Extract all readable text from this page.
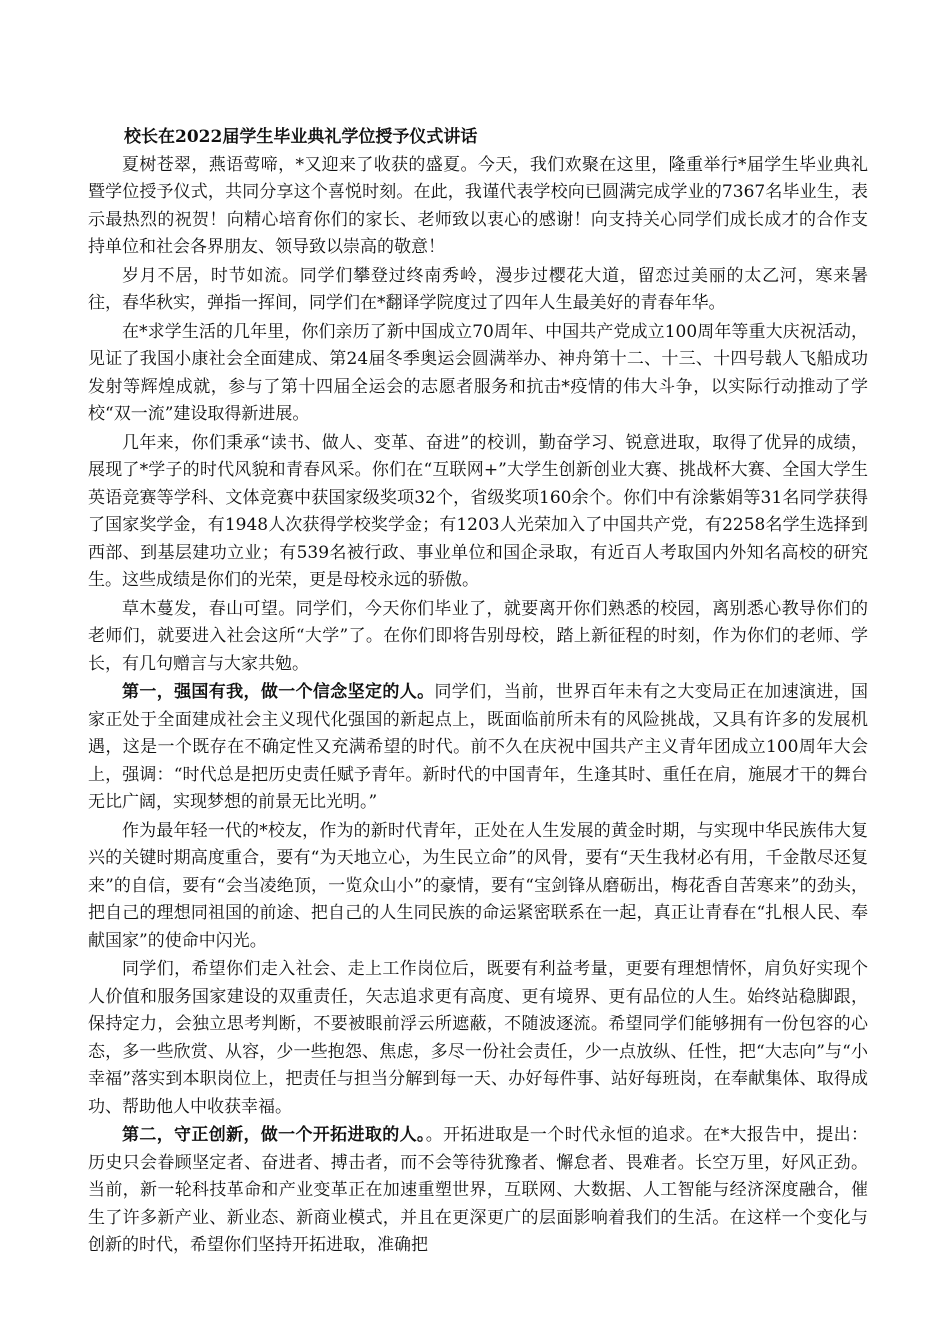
校长在2022届学生毕业典礼学位授予仪式讲话

夏树苍翠，燕语莺啼，*又迎来了收获的盛夏。今天，我们欢聚在这里，隆重举行*届学生毕业典礼暨学位授予仪式，共同分享这个喜悦时刻。在此，我谨代表学校向已圆满完成学业的7367名毕业生，表示最热烈的祝贺！向精心培育你们的家长、老师致以衷心的感谢！向支持关心同学们成长成才的合作支持单位和社会各界朋友、领导致以崇高的敬意！

岁月不居，时节如流。同学们攀登过终南秀岭，漫步过樱花大道，留恋过美丽的太乙河，寒来暑往，春华秋实，弹指一挥间，同学们在*翻译学院度过了四年人生最美好的青春年华。

在*求学生活的几年里，你们亲历了新中国成立70周年、中国共产党成立100周年等重大庆祝活动，见证了我国小康社会全面建成、第24届冬季奥运会圆满举办、神舟第十二、十三、十四号载人飞船成功发射等辉煌成就，参与了第十四届全运会的志愿者服务和抗击*疫情的伟大斗争，以实际行动推动了学校“双一流”建设取得新进展。

几年来，你们秉承“读书、做人、变革、奋进”的校训，勤奋学习、锐意进取，取得了优异的成绩，展现了*学子的时代风貌和青春风采。你们在“互联网+”大学生创新创业大赛、挑战杯大赛、全国大学生英语竞赛等学科、文体竞赛中获国家级奖项32个，省级奖项160余个。你们中有涂紫娟等31名同学获得了国家奖学金，有1948人次获得学校奖学金；有1203人光荣加入了中国共产党，有2258名学生选择到西部、到基层建功立业；有539名被行政、事业单位和国企录取，有近百人考取国内外知名高校的研究生。这些成绩是你们的光荣，更是母校永远的骄傲。

草木蔓发，春山可望。同学们，今天你们毕业了，就要离开你们熟悉的校园，离别悉心教导你们的老师们，就要进入社会这所“大学”了。在你们即将告别母校，踏上新征程的时刻，作为你们的老师、学长，有几句赠言与大家共勉。

第一，强国有我，做一个信念坚定的人。同学们，当前，世界百年未有之大变局正在加速演进，国家正处于全面建成社会主义现代化强国的新起点上，既面临前所未有的风险挑战，又具有许多的发展机遇，这是一个既存在不确定性又充满希望的时代。前不久在庆祝中国共产主义青年团成立100周年大会上，强调：“时代总是把历史责任赋予青年。新时代的中国青年，生逢其时、重任在肩，施展才干的舞台无比广阔，实现梦想的前景无比光明。”

作为最年轻一代的*校友，作为的新时代青年，正处在人生发展的黄金时期，与实现中华民族伟大复兴的关键时期高度重合，要有“为天地立心，为生民立命”的风骨，要有“天生我材必有用，千金散尽还复来”的自信，要有“会当凌绝顶，一览众山小”的豪情，要有“宝剑锋从磨砺出，梅花香自苦寒来”的劲头，把自己的理想同祖国的前途、把自己的人生同民族的命运紧密联系在一起，真正让青春在“扎根人民、奉献国家”的使命中闪光。

同学们，希望你们走入社会、走上工作岗位后，既要有利益考量，更要有理想情怀，肩负好实现个人价值和服务国家建设的双重责任，矢志追求更有高度、更有境界、更有品位的人生。始终站稳脚跟，保持定力，会独立思考判断，不要被眼前浮云所遮蔽，不随波逐流。希望同学们能够拥有一份包容的心态，多一些欣赏、从容，少一些抱怨、焦虑，多尽一份社会责任，少一点放纵、任性，把“大志向”与“小幸福”落实到本职岗位上，把责任与担当分解到每一天、办好每件事、站好每班岗，在奉献集体、取得成功、帮助他人中收获幸福。

第二，守正创新，做一个开拓进取的人。。开拓进取是一个时代永恒的追求。在*大报告中，提出：历史只会眷顾坚定者、奋进者、搏击者，而不会等待犹豫者、懈怠者、畏难者。长空万里，好风正劲。当前，新一轮科技革命和产业变革正在加速重塑世界，互联网、大数据、人工智能与经济深度融合，催生了许多新产业、新业态、新商业模式，并且在更深更广的层面影响着我们的生活。在这样一个变化与创新的时代，希望你们坚持开拓进取，准确把
